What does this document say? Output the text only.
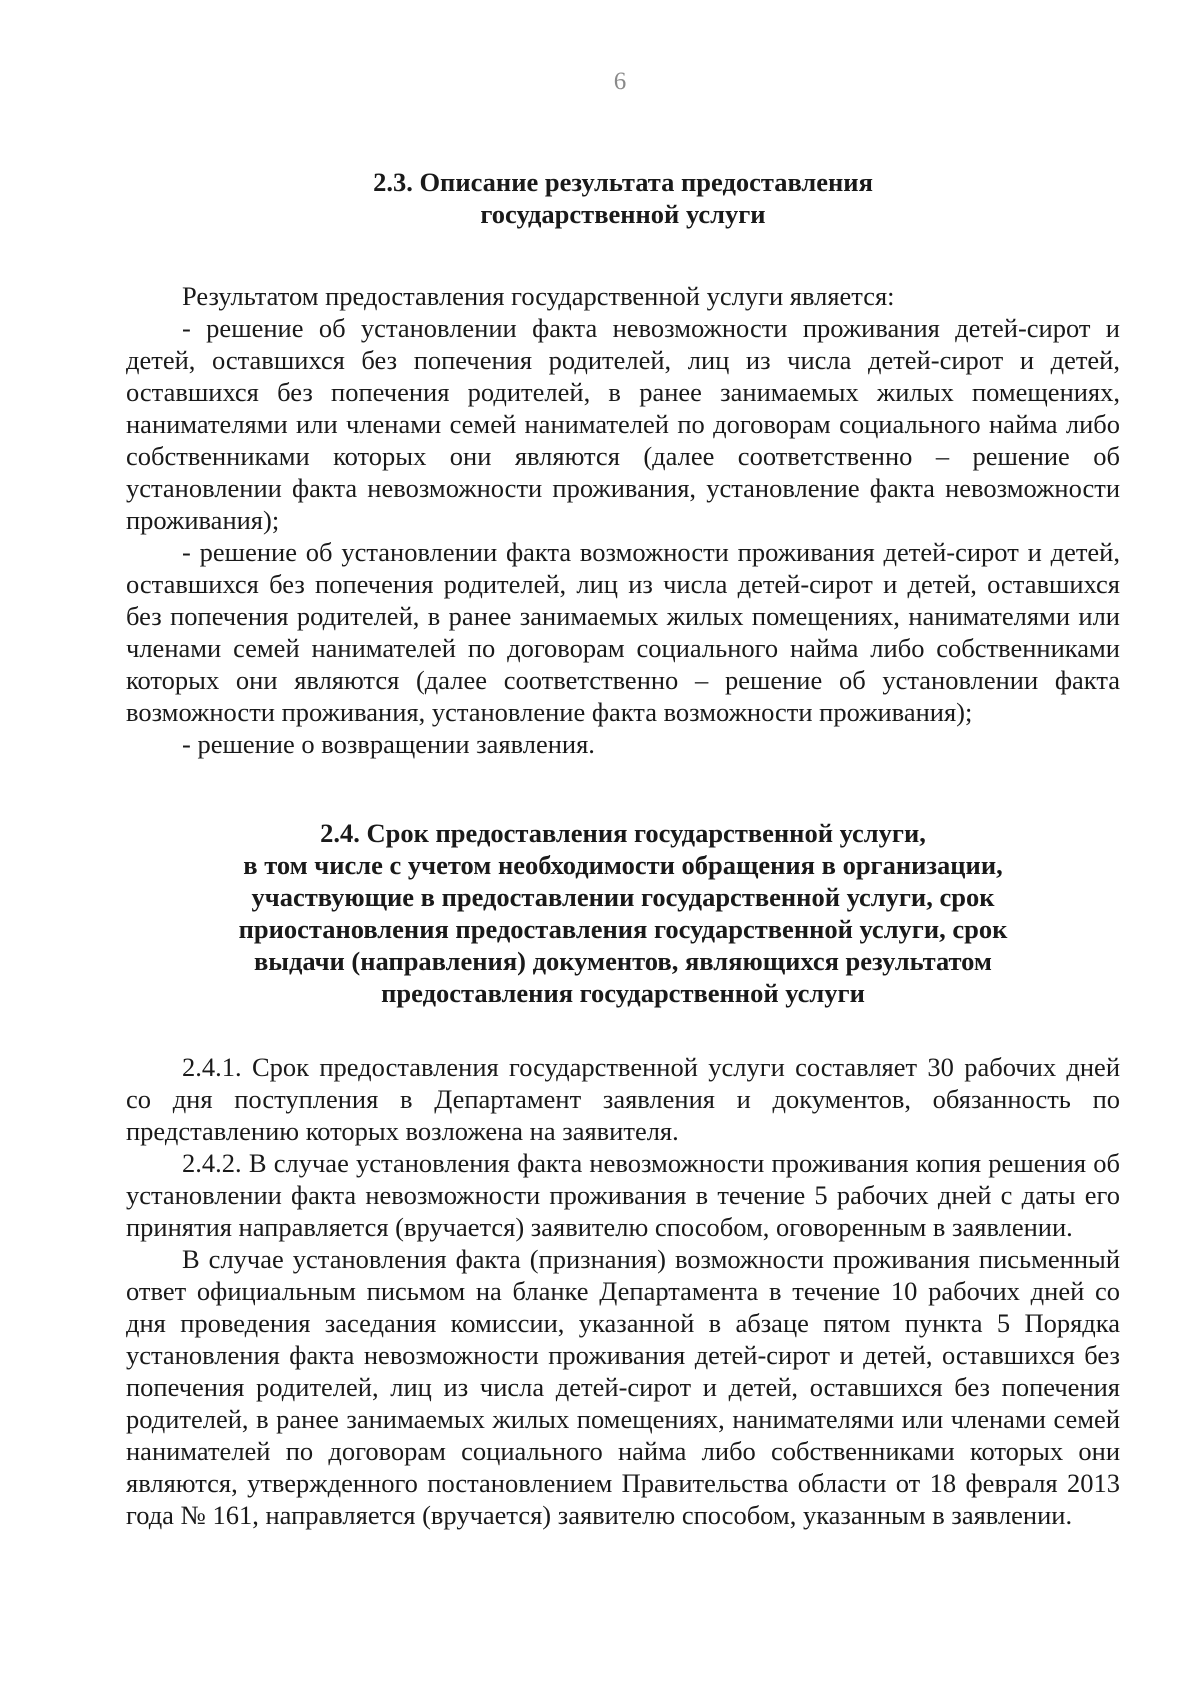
6
2.3. Описание результата предоставления
государственной услуги

Результатом предоставления государственной услуги является:

- решение об установлении факта невозможности проживания детей-сирот и детей, оставшихся без попечения родителей, лиц из числа детей-сирот и детей, оставшихся без попечения родителей, в ранее занимаемых жилых помещениях, нанимателями или членами семей нанимателей по договорам социального найма либо собственниками которых они являются (далее соответственно – решение об установлении факта невозможности проживания, установление факта невозможности проживания);

- решение об установлении факта возможности проживания детей-сирот и детей, оставшихся без попечения родителей, лиц из числа детей-сирот и детей, оставшихся без попечения родителей, в ранее занимаемых жилых помещениях, нанимателями или членами семей нанимателей по договорам социального найма либо собственниками которых они являются (далее соответственно – решение об установлении факта возможности проживания, установление факта возможности проживания);

- решение о возвращении заявления.

2.4. Срок предоставления государственной услуги,
в том числе с учетом необходимости обращения в организации,
участвующие в предоставлении государственной услуги, срок
приостановления предоставления государственной услуги, срок
выдачи (направления) документов, являющихся результатом
предоставления государственной услуги

2.4.1. Срок предоставления государственной услуги составляет 30 рабочих дней со дня поступления в Департамент заявления и документов, обязанность по представлению которых возложена на заявителя.

2.4.2. В случае установления факта невозможности проживания копия решения об установлении факта невозможности проживания в течение 5 рабочих дней с даты его принятия направляется (вручается) заявителю способом, оговоренным в заявлении.

В случае установления факта (признания) возможности проживания письменный ответ официальным письмом на бланке Департамента в течение 10 рабочих дней со дня проведения заседания комиссии, указанной в абзаце пятом пункта 5 Порядка установления факта невозможности проживания детей-сирот и детей, оставшихся без попечения родителей, лиц из числа детей-сирот и детей, оставшихся без попечения родителей, в ранее занимаемых жилых помещениях, нанимателями или членами семей нанимателей по договорам социального найма либо собственниками которых они являются, утвержденного постановлением Правительства области от 18 февраля 2013 года № 161, направляется (вручается) заявителю способом, указанным в заявлении.
